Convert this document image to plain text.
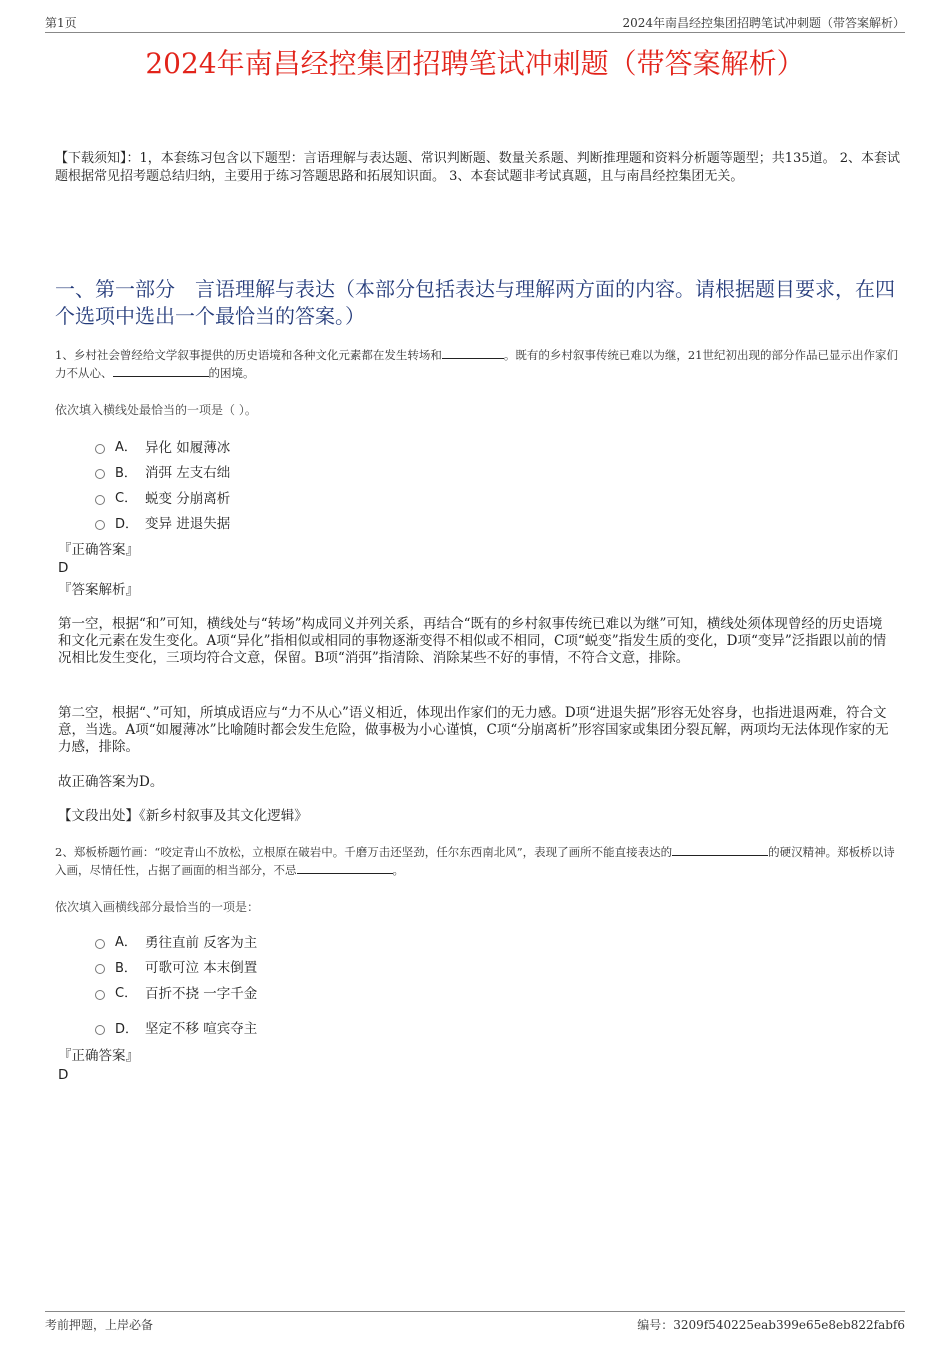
第1页	2024年南昌经控集团招聘笔试冲刺题（带答案解析）
2024年南昌经控集团招聘笔试冲刺题（带答案解析）
【下载须知】：1，本套练习包含以下题型：言语理解与表达题、常识判断题、数量关系题、判断推理题和资料分析题等题型；共135道。 2、本套试题根据常见招考题总结归纳，主要用于练习答题思路和拓展知识面。 3、本套试题非考试真题，且与南昌经控集团无关。
一、第一部分　言语理解与表达（本部分包括表达与理解两方面的内容。请根据题目要求，在四个选项中选出一个最恰当的答案。）
1、乡村社会曾经给文学叙事提供的历史语境和各种文化元素都在发生转场和	。既有的乡村叙事传统已难以为继，21世纪初出现的部分作品已显示出作家们力不从心、	的困境。
依次填入横线处最恰当的一项是（ ）。
A． 异化 如履薄冰
B． 消弭 左支右绌
C． 蜕变 分崩离析
D． 变异 进退失据
『正确答案』
D
『答案解析』
第一空，根据“和”可知，横线处与“转场”构成同义并列关系，再结合“既有的乡村叙事传统已难以为继”可知，横线处须体现曾经的历史语境和文化元素在发生变化。A项“异化”指相似或相同的事物逐渐变得不相似或不相同，C项“蜕变”指发生质的变化，D项“变异”泛指跟以前的情况相比发生变化，三项均符合文意，保留。B项“消弭”指清除、消除某些不好的事情，不符合文意，排除。
第二空，根据“、”可知，所填成语应与“力不从心”语义相近，体现出作家们的无力感。D项“进退失据”形容无处容身，也指进退两难，符合文意，当选。A项“如履薄冰”比喻随时都会发生危险，做事极为小心谨慎，C项“分崩离析”形容国家或集团分裂瓦解，两项均无法体现作家的无力感，排除。
故正确答案为D。
【文段出处】《新乡村叙事及其文化逻辑》
2、郑板桥题竹画：“咬定青山不放松，立根原在破岩中。千磨万击还坚劲，任尔东西南北风”，表现了画所不能直接表达的	的硬汉精神。郑板桥以诗入画，尽情任性，占据了画面的相当部分，不忌	。
依次填入画横线部分最恰当的一项是：
A． 勇往直前 反客为主
B． 可歌可泣 本末倒置
C． 百折不挠 一字千金
D． 坚定不移 喧宾夺主
『正确答案』
D
考前押题，上岸必备	编号：3209f540225eab399e65e8eb822fabf6
